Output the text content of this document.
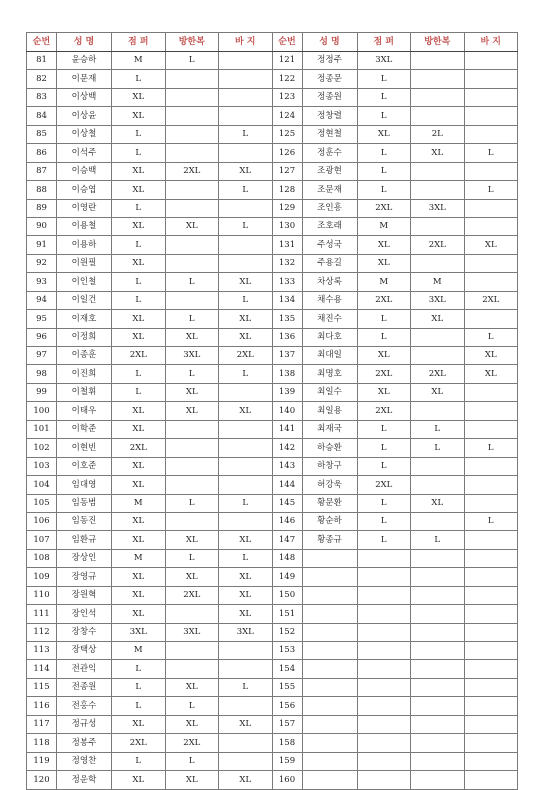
순번	성 명	점 퍼	방한복	바 지	순번	성 명	점 퍼	방한복	바 지
81	윤승하	M	L		121	정정주	3XL		
82	이문재	L			122	정종문	L		
83	이상백	XL			123	정종원	L		
84	이상윤	XL			124	정창렬	L		
85	이상철	L		L	125	정현철	XL	2L	
86	이석주	L			126	정훈수	L	XL	L
87	이승백	XL	2XL	XL	127	조광현	L		
88	이승엽	XL		L	128	조문재	L		L
89	이영란	L			129	조인흥	2XL	3XL	
90	이용철	XL	XL	L	130	조호래	M		
91	이용하	L			131	주성국	XL	2XL	XL
92	이원필	XL			132	주용길	XL		
93	이인철	L	L	XL	133	차상록	M	M	
94	이일건	L		L	134	채수용	2XL	3XL	2XL
95	이재호	XL	L	XL	135	채진수	L	XL	
96	이정희	XL	XL	XL	136	최다호	L		L
97	이종훈	2XL	3XL	2XL	137	최대일	XL		XL
98	이진희	L	L	L	138	최명호	2XL	2XL	XL
99	이철휘	L	XL		139	최일수	XL	XL	
100	이태우	XL	XL	XL	140	최일용	2XL		
101	이학준	XL			141	최재국	L	L	
102	이현빈	2XL			142	하승환	L	L	L
103	이호준	XL			143	하창구	L		
104	임대영	XL			144	허강욱	2XL		
105	임동범	M	L	L	145	황문환	L	XL	
106	임동진	XL			146	황순하	L		L
107	임환규	XL	XL	XL	147	황종규	L	L	
108	장상인	M	L	L	148				
109	장영규	XL	XL	XL	149				
110	장원혁	XL	2XL	XL	150				
111	장인석	XL		XL	151				
112	장창수	3XL	3XL	3XL	152				
113	장택상	M			153				
114	전관익	L			154				
115	전종원	L	XL	L	155				
116	전홍수	L	L		156				
117	정규성	XL	XL	XL	157				
118	정봉주	2XL	2XL		158				
119	정영찬	L	L		159				
120	정운학	XL	XL	XL	160				
